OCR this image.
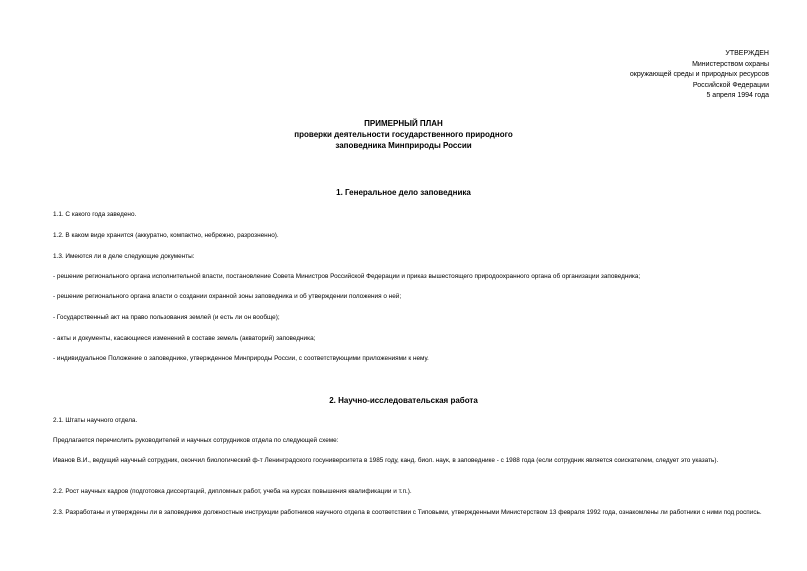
УТВЕРЖДЕН
Министерством охраны
окружающей среды и природных ресурсов
Российской Федерации
5 апреля 1994 года
ПРИМЕРНЫЙ ПЛАН
проверки деятельности государственного природного
заповедника Минприроды России
1. Генеральное дело заповедника
1.1. С какого года заведено.
1.2. В каком виде хранится (аккуратно, компактно, небрежно, разрозненно).
1.3. Имеются ли в деле следующие документы:
- решение регионального органа исполнительной власти, постановление Совета Министров Российской Федерации и приказ вышестоящего природоохранного органа об организации заповедника;
- решение регионального органа власти о создании охранной зоны заповедника и об утверждении положения о ней;
- Государственный акт на право пользования землей (и есть ли он вообще);
- акты и документы, касающиеся изменений в составе земель (акваторий) заповедника;
- индивидуальное Положение о заповеднике, утвержденное Минприроды России, с соответствующими приложениями к нему.
2. Научно-исследовательская работа
2.1. Штаты научного отдела.
Предлагается перечислить руководителей и научных сотрудников отдела по следующей схеме:
Иванов В.И., ведущий научный сотрудник, окончил биологический ф-т Ленинградского госуниверситета в 1985 году, канд. биол. наук, в заповеднике - с 1988 года (если сотрудник является соискателем, следует это указать).
2.2. Рост научных кадров (подготовка диссертаций, дипломных работ, учеба на курсах повышения квалификации и т.п.).
2.3. Разработаны и утверждены ли в заповеднике должностные инструкции работников научного отдела в соответствии с Типовыми, утвержденными Министерством 13 февраля 1992 года, ознакомлены ли работники с ними под роспись.
